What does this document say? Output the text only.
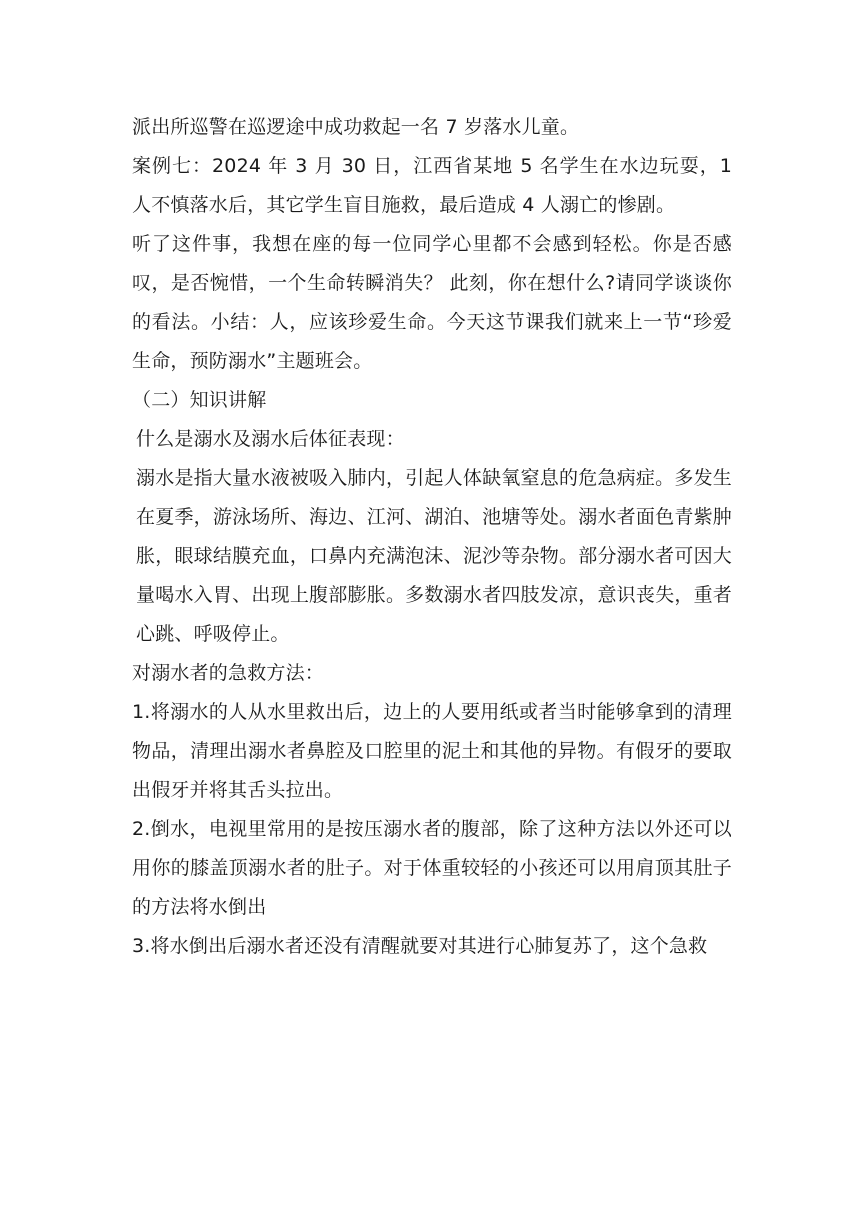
派出所巡警在巡逻途中成功救起一名 7 岁落水儿童。

案例七：2024 年 3 月 30 日，江西省某地 5 名学生在水边玩耍，1 人不慎落水后，其它学生盲目施救，最后造成 4 人溺亡的惨剧。

听了这件事，我想在座的每一位同学心里都不会感到轻松。你是否感叹，是否惋惜，一个生命转瞬消失？ 此刻，你在想什么?请同学谈谈你的看法。小结：人，应该珍爱生命。今天这节课我们就来上一节“珍爱生命，预防溺水”主题班会。

（二）知识讲解

什么是溺水及溺水后体征表现：

溺水是指大量水液被吸入肺内，引起人体缺氧窒息的危急病症。多发生在夏季，游泳场所、海边、江河、湖泊、池塘等处。溺水者面色青紫肿胀，眼球结膜充血，口鼻内充满泡沫、泥沙等杂物。部分溺水者可因大量喝水入胃、出现上腹部膨胀。多数溺水者四肢发凉，意识丧失，重者心跳、呼吸停止。

对溺水者的急救方法：

1.将溺水的人从水里救出后，边上的人要用纸或者当时能够拿到的清理物品，清理出溺水者鼻腔及口腔里的泥土和其他的异物。有假牙的要取出假牙并将其舌头拉出。

2.倒水，电视里常用的是按压溺水者的腹部，除了这种方法以外还可以用你的膝盖顶溺水者的肚子。对于体重较轻的小孩还可以用肩顶其肚子的方法将水倒出

3.将水倒出后溺水者还没有清醒就要对其进行心肺复苏了，这个急救
